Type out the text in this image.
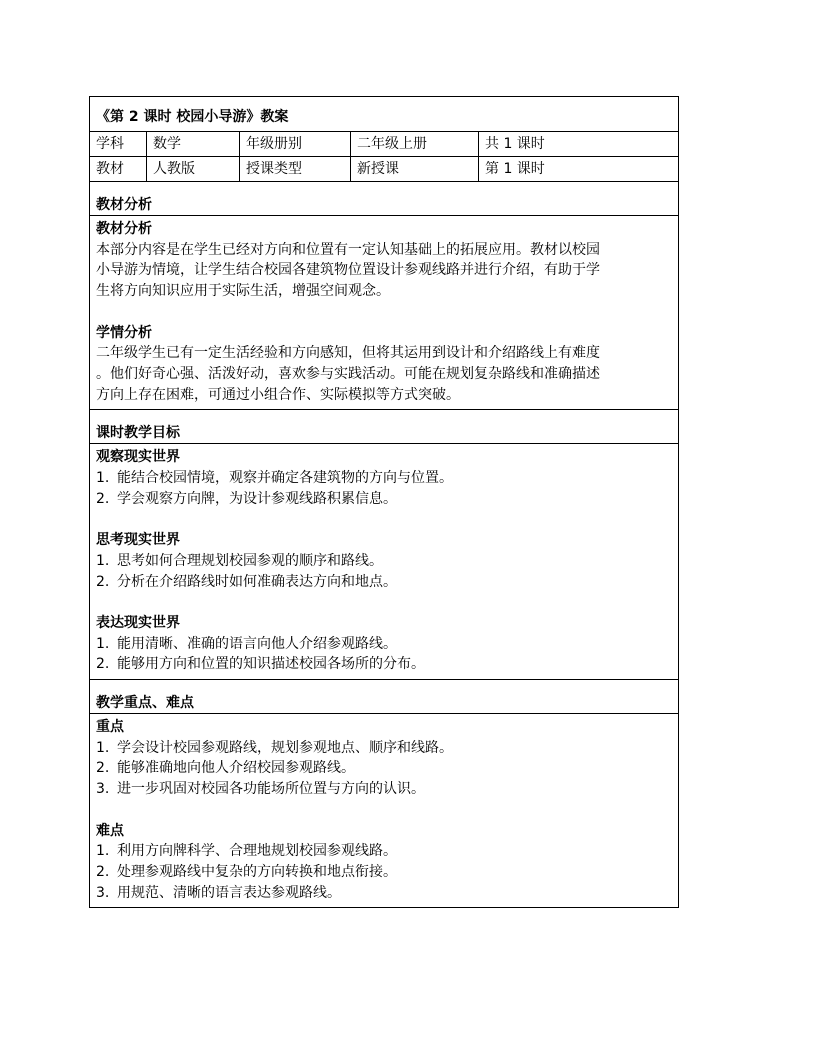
《第 2 课时 校园小导游》教案
学科	数学	年级册别	二年级上册	共 1 课时
教材	人教版	授课类型	新授课	第 1 课时
教材分析
教材分析

本部分内容是在学生已经对方向和位置有一定认知基础上的拓展应用。教材以校园

小导游为情境，让学生结合校园各建筑物位置设计参观线路并进行介绍，有助于学

生将方向知识应用于实际生活，增强空间观念。

学情分析

二年级学生已有一定生活经验和方向感知，但将其运用到设计和介绍路线上有难度

。他们好奇心强、活泼好动，喜欢参与实践活动。可能在规划复杂路线和准确描述

方向上存在困难，可通过小组合作、实际模拟等方式突破。

课时教学目标
观察现实世界
1. 能结合校园情境，观察并确定各建筑物的方向与位置。
2. 学会观察方向牌，为设计参观线路积累信息。
思考现实世界
1. 思考如何合理规划校园参观的顺序和路线。
2. 分析在介绍路线时如何准确表达方向和地点。
表达现实世界
1. 能用清晰、准确的语言向他人介绍参观路线。
2. 能够用方向和位置的知识描述校园各场所的分布。
教学重点、难点
重点
1. 学会设计校园参观路线，规划参观地点、顺序和线路。
2. 能够准确地向他人介绍校园参观路线。
3. 进一步巩固对校园各功能场所位置与方向的认识。
难点
1. 利用方向牌科学、合理地规划校园参观线路。
2. 处理参观路线中复杂的方向转换和地点衔接。
3. 用规范、清晰的语言表达参观路线。
